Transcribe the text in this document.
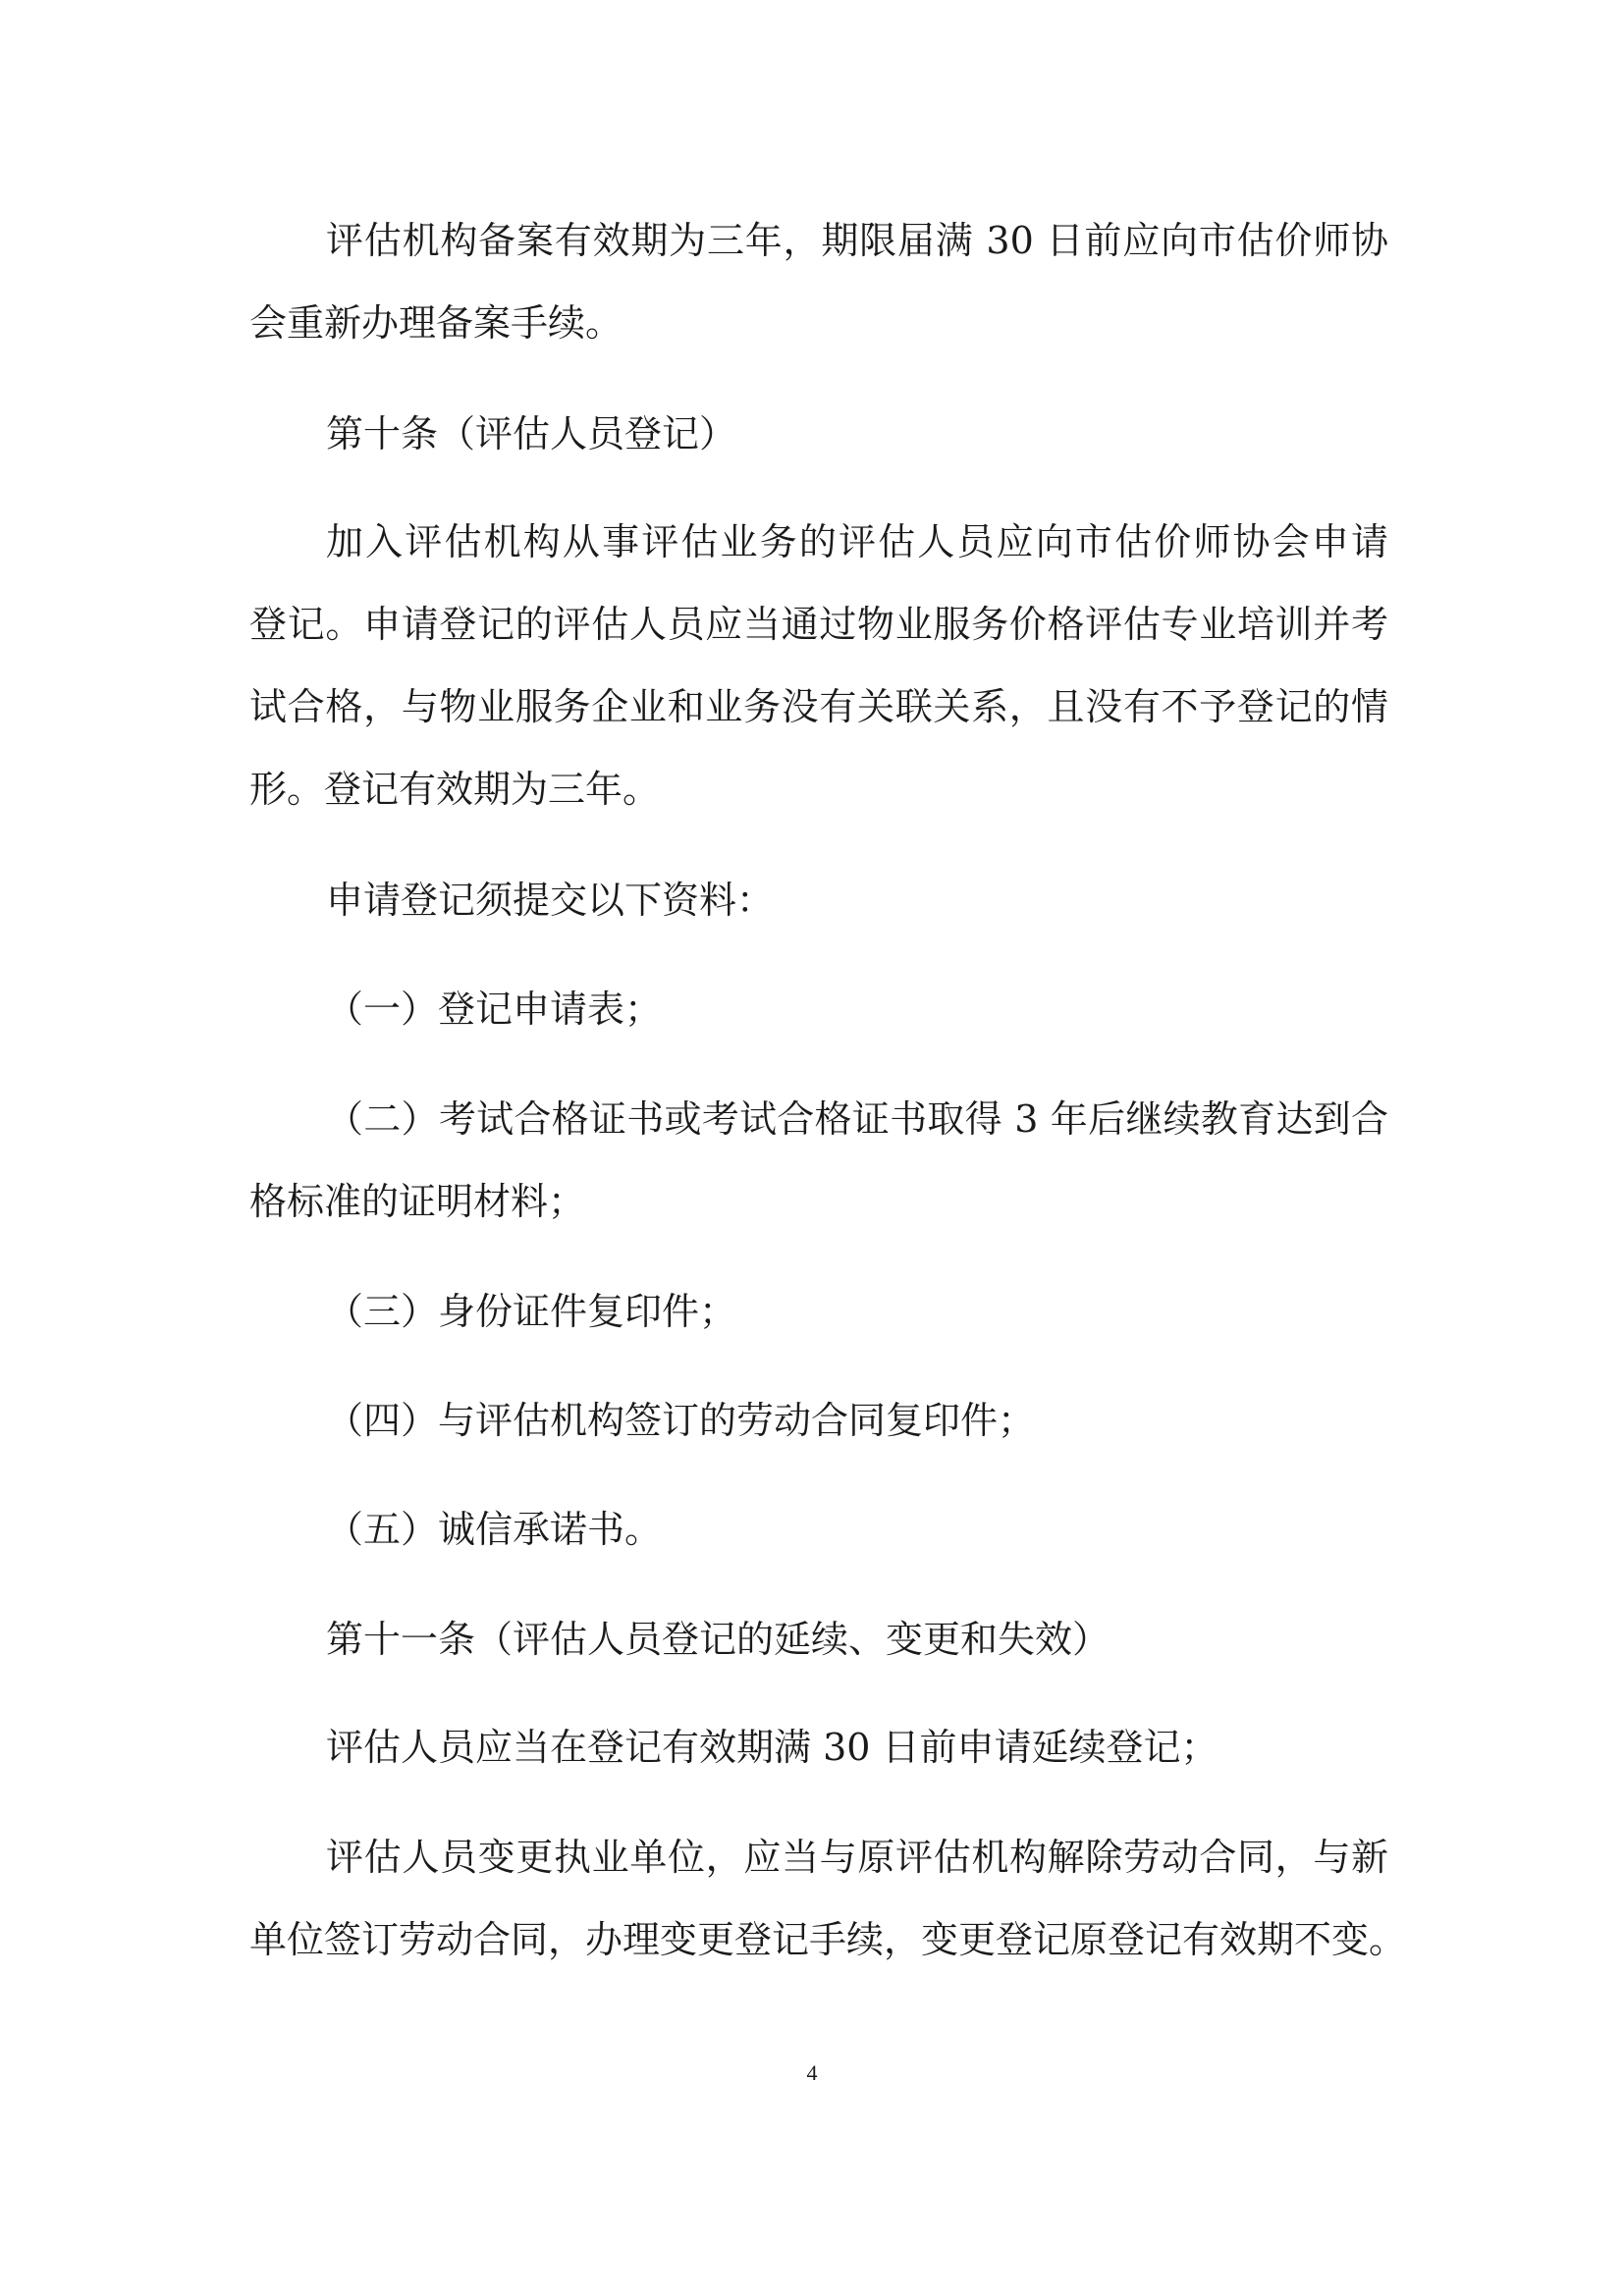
评估机构备案有效期为三年，期限届满 30 日前应向市估价师协
会重新办理备案手续。
第十条（评估人员登记）
加入评估机构从事评估业务的评估人员应向市估价师协会申请
登记。申请登记的评估人员应当通过物业服务价格评估专业培训并考
试合格，与物业服务企业和业务没有关联关系，且没有不予登记的情
形。登记有效期为三年。
申请登记须提交以下资料：
（一）登记申请表；
（二）考试合格证书或考试合格证书取得 3 年后继续教育达到合
格标准的证明材料；
（三）身份证件复印件；
（四）与评估机构签订的劳动合同复印件；
（五）诚信承诺书。
第十一条（评估人员登记的延续、变更和失效）
评估人员应当在登记有效期满 30 日前申请延续登记；
评估人员变更执业单位，应当与原评估机构解除劳动合同，与新
单位签订劳动合同，办理变更登记手续，变更登记原登记有效期不变。
4
